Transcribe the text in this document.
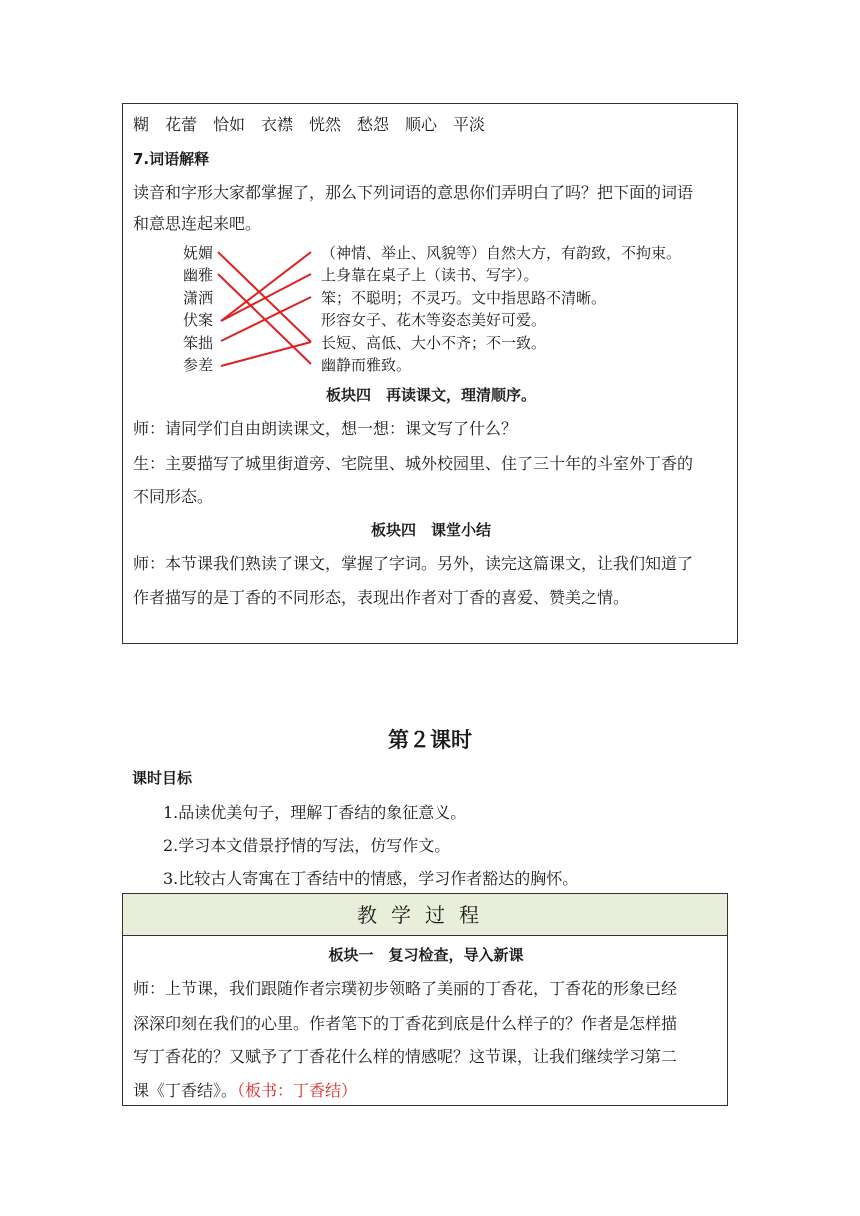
糊　花蕾　恰如　衣襟　恍然　愁怨　顺心　平淡
7.词语解释
读音和字形大家都掌握了，那么下列词语的意思你们弄明白了吗？把下面的词语
和意思连起来吧。
妩媚
幽雅
潇洒
伏案
笨拙
参差
（神情、举止、风貌等）自然大方，有韵致，不拘束。
上身靠在桌子上（读书、写字）。
笨；不聪明；不灵巧。文中指思路不清晰。
形容女子、花木等姿态美好可爱。
长短、高低、大小不齐；不一致。
幽静而雅致。
板块四　再读课文，理清顺序。
师：请同学们自由朗读课文，想一想：课文写了什么？
生：主要描写了城里街道旁、宅院里、城外校园里、住了三十年的斗室外丁香的
不同形态。
板块四　课堂小结
师：本节课我们熟读了课文，掌握了字词。另外，读完这篇课文，让我们知道了
作者描写的是丁香的不同形态，表现出作者对丁香的喜爱、赞美之情。
第２课时
课时目标
1.品读优美句子，理解丁香结的象征意义。
2.学习本文借景抒情的写法，仿写作文。
3.比较古人寄寓在丁香结中的情感，学习作者豁达的胸怀。
教学过程
板块一　复习检查，导入新课
师：上节课，我们跟随作者宗璞初步领略了美丽的丁香花，丁香花的形象已经
深深印刻在我们的心里。作者笔下的丁香花到底是什么样子的？作者是怎样描
写丁香花的？又赋予了丁香花什么样的情感呢？这节课，让我们继续学习第二
课《丁香结》。（板书：丁香结）
